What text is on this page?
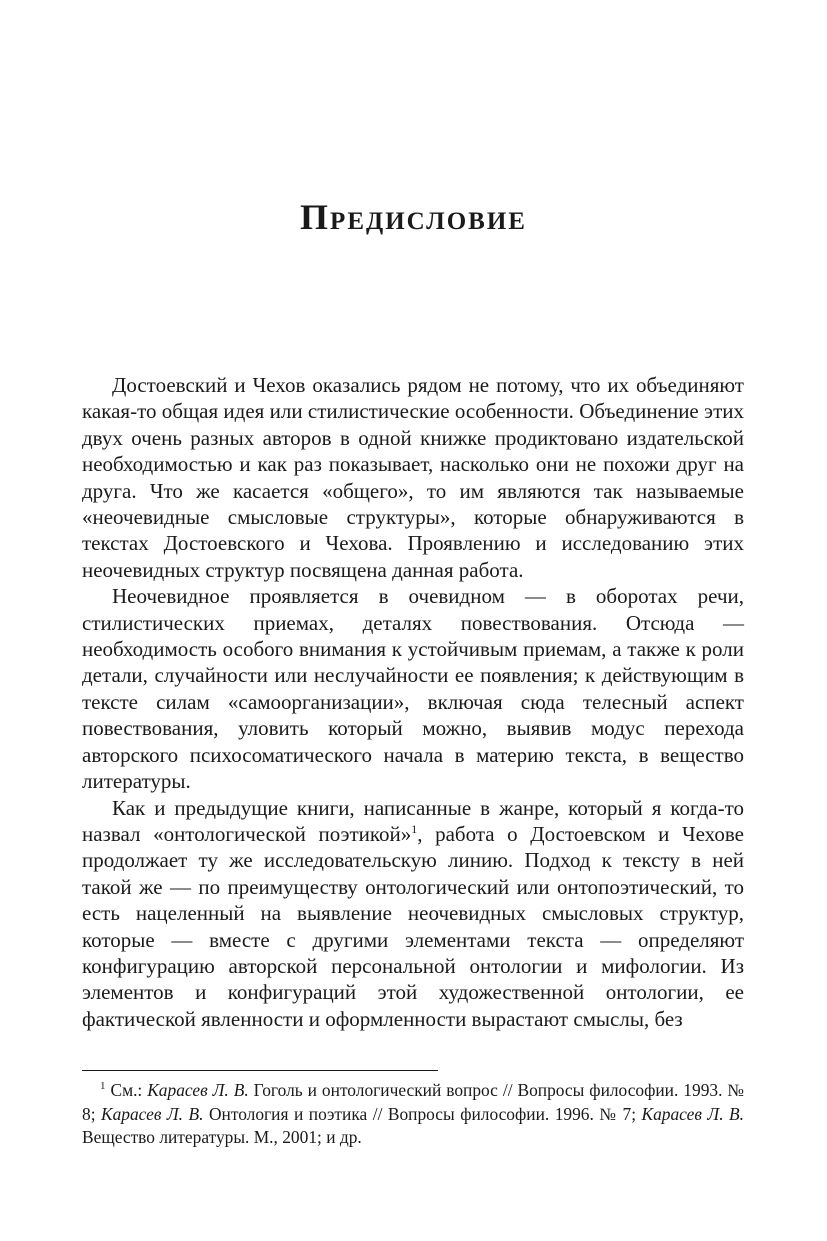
Предисловие

Достоевский и Чехов оказались рядом не потому, что их объединяют какая-то общая идея или стилистические особенности. Объединение этих двух очень разных авторов в одной книжке продиктовано издательской необходимостью и как раз показывает, насколько они не похожи друг на друга. Что же касается «общего», то им являются так называемые «неочевидные смысловые структуры», которые обнаруживаются в текстах Достоевского и Чехова. Проявлению и исследованию этих неочевидных структур посвящена данная работа.

Неочевидное проявляется в очевидном — в оборотах речи, стилистических приемах, деталях повествования. Отсюда — необходимость особого внимания к устойчивым приемам, а также к роли детали, случайности или неслучайности ее появления; к действующим в тексте силам «самоорганизации», включая сюда телесный аспект повествования, уловить который можно, выявив модус перехода авторского психосоматического начала в материю текста, в вещество литературы.

Как и предыдущие книги, написанные в жанре, который я когда-то назвал «онтологической поэтикой»$^1$, работа о Достоевском и Чехове продолжает ту же исследовательскую линию. Подход к тексту в ней такой же — по преимуществу онтологический или онтопоэтический, то есть нацеленный на выявление неочевидных смысловых структур, которые — вместе с другими элементами текста — определяют конфигурацию авторской персональной онтологии и мифологии. Из элементов и конфигураций этой художественной онтологии, ее фактической явленности и оформленности вырастают смыслы, без

$^1$ См.: Карасев Л. В. Гоголь и онтологический вопрос // Вопросы философии. 1993. № 8; Карасев Л. В. Онтология и поэтика // Вопросы философии. 1996. № 7; Карасев Л. В. Вещество литературы. М., 2001; и др.
